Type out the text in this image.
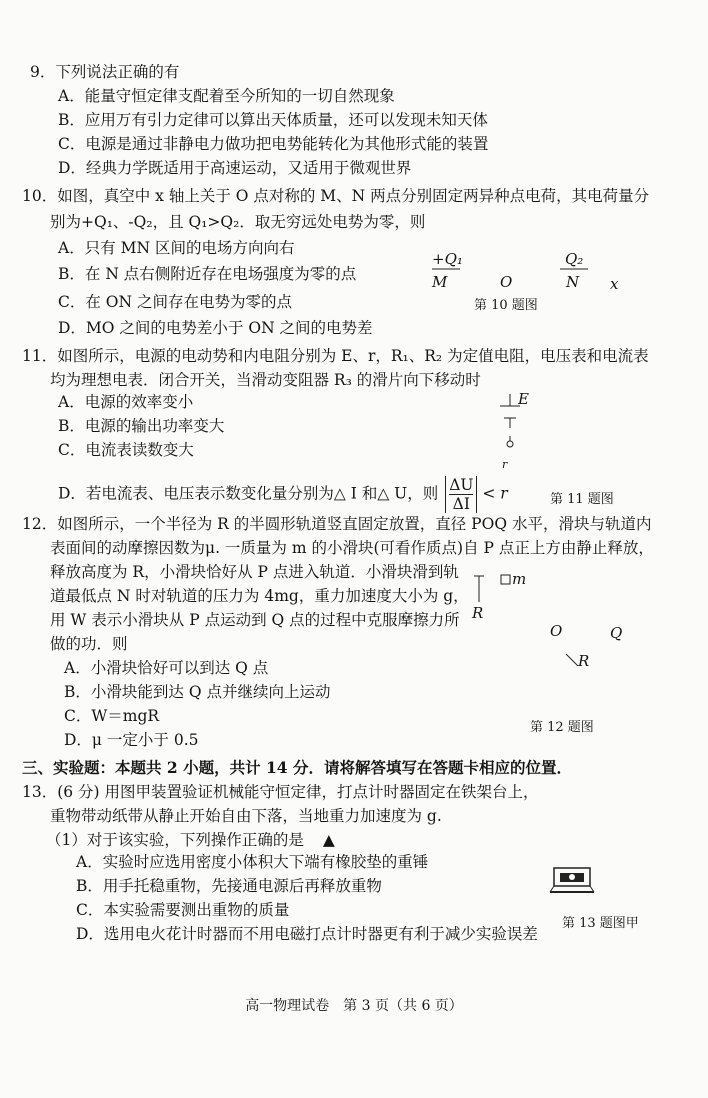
9．下列说法正确的有
A．能量守恒定律支配着至今所知的一切自然现象
B．应用万有引力定律可以算出天体质量，还可以发现未知天体
C．电源是通过非静电力做功把电势能转化为其他形式能的装置
D．经典力学既适用于高速运动，又适用于微观世界
10．如图，真空中 x 轴上关于 O 点对称的 M、N 两点分别固定两异种点电荷，其电荷量分
别为+Q₁、-Q₂，且 Q₁>Q₂．取无穷远处电势为零，则
A．只有 MN 区间的电场方向向右
B．在 N 点右侧附近存在电场强度为零的点
C．在 ON 之间存在电势为零的点
D．MO 之间的电势差小于 ON 之间的电势差
+Q₁	Q₂
M	O	N x
第 10 题图
11．如图所示，电源的电动势和内电阻分别为 E、r，R₁、R₂ 为定值电阻，电压表和电流表
均为理想电表．闭合开关，当滑动变阻器 R₃ 的滑片向下移动时
A．电源的效率变小
B．电源的输出功率变大
C．电流表读数变大
D．若电流表、电压表示数变化量分别为△ I 和△ U，则 $\frac{\Delta U}{\Delta I} < r$
E
r
第 11 题图
12．如图所示，一个半径为 R 的半圆形轨道竖直固定放置，直径 POQ 水平，滑块与轨道内
表面间的动摩擦因数为μ. 一质量为 m 的小滑块(可看作质点)自 P 点正上方由静止释放，
释放高度为 R，小滑块恰好从 P 点进入轨道．小滑块滑到轨
道最低点 N 时对轨道的压力为 4mg，重力加速度大小为 g，
用 W 表示小滑块从 P 点运动到 Q 点的过程中克服摩擦力所
做的功．则
A．小滑块恰好可以到达 Q 点
B．小滑块能到达 Q 点并继续向上运动
C．W＝mgR
D．μ 一定小于 0.5
m
R
O	Q
R
第 12 题图
三、实验题：本题共 2 小题，共计 14 分．请将解答填写在答题卡相应的位置．
13．(6 分) 用图甲装置验证机械能守恒定律，打点计时器固定在铁架台上，
重物带动纸带从静止开始自由下落，当地重力加速度为 g.
（1）对于该实验，下列操作正确的是 ▲
A．实验时应选用密度小体积大下端有橡胶垫的重锤
B．用手托稳重物，先接通电源后再释放重物
C．本实验需要测出重物的质量
D．选用电火花计时器而不用电磁打点计时器更有利于减少实验误差
第 13 题图甲
高一物理试卷　第 3 页（共 6 页）
